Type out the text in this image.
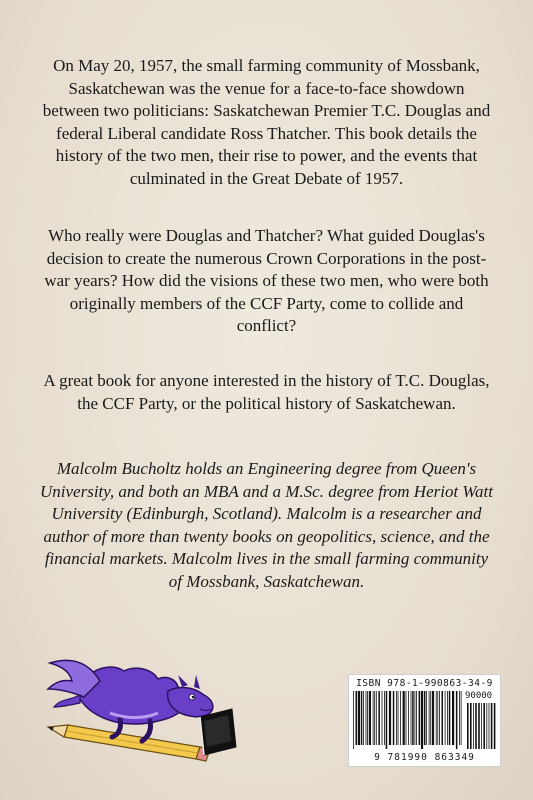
On May 20, 1957, the small farming community of Mossbank, Saskatchewan was the venue for a face-to-face showdown between two politicians: Saskatchewan Premier T.C. Douglas and federal Liberal candidate Ross Thatcher. This book details the history of the two men, their rise to power, and the events that culminated in the Great Debate of 1957.

Who really were Douglas and Thatcher? What guided Douglas's decision to create the numerous Crown Corporations in the post-war years? How did the visions of these two men, who were both originally members of the CCF Party, come to collide and conflict?

A great book for anyone interested in the history of T.C. Douglas, the CCF Party, or the political history of Saskatchewan.

Malcolm Bucholtz holds an Engineering degree from Queen's University, and both an MBA and a M.Sc. degree from Heriot Watt University (Edinburgh, Scotland). Malcolm is a researcher and author of more than twenty books on geopolitics, science, and the financial markets. Malcolm lives in the small farming community of Mossbank, Saskatchewan.

ISBN 978-1-990863-34-9

90000

9 781990 863349
